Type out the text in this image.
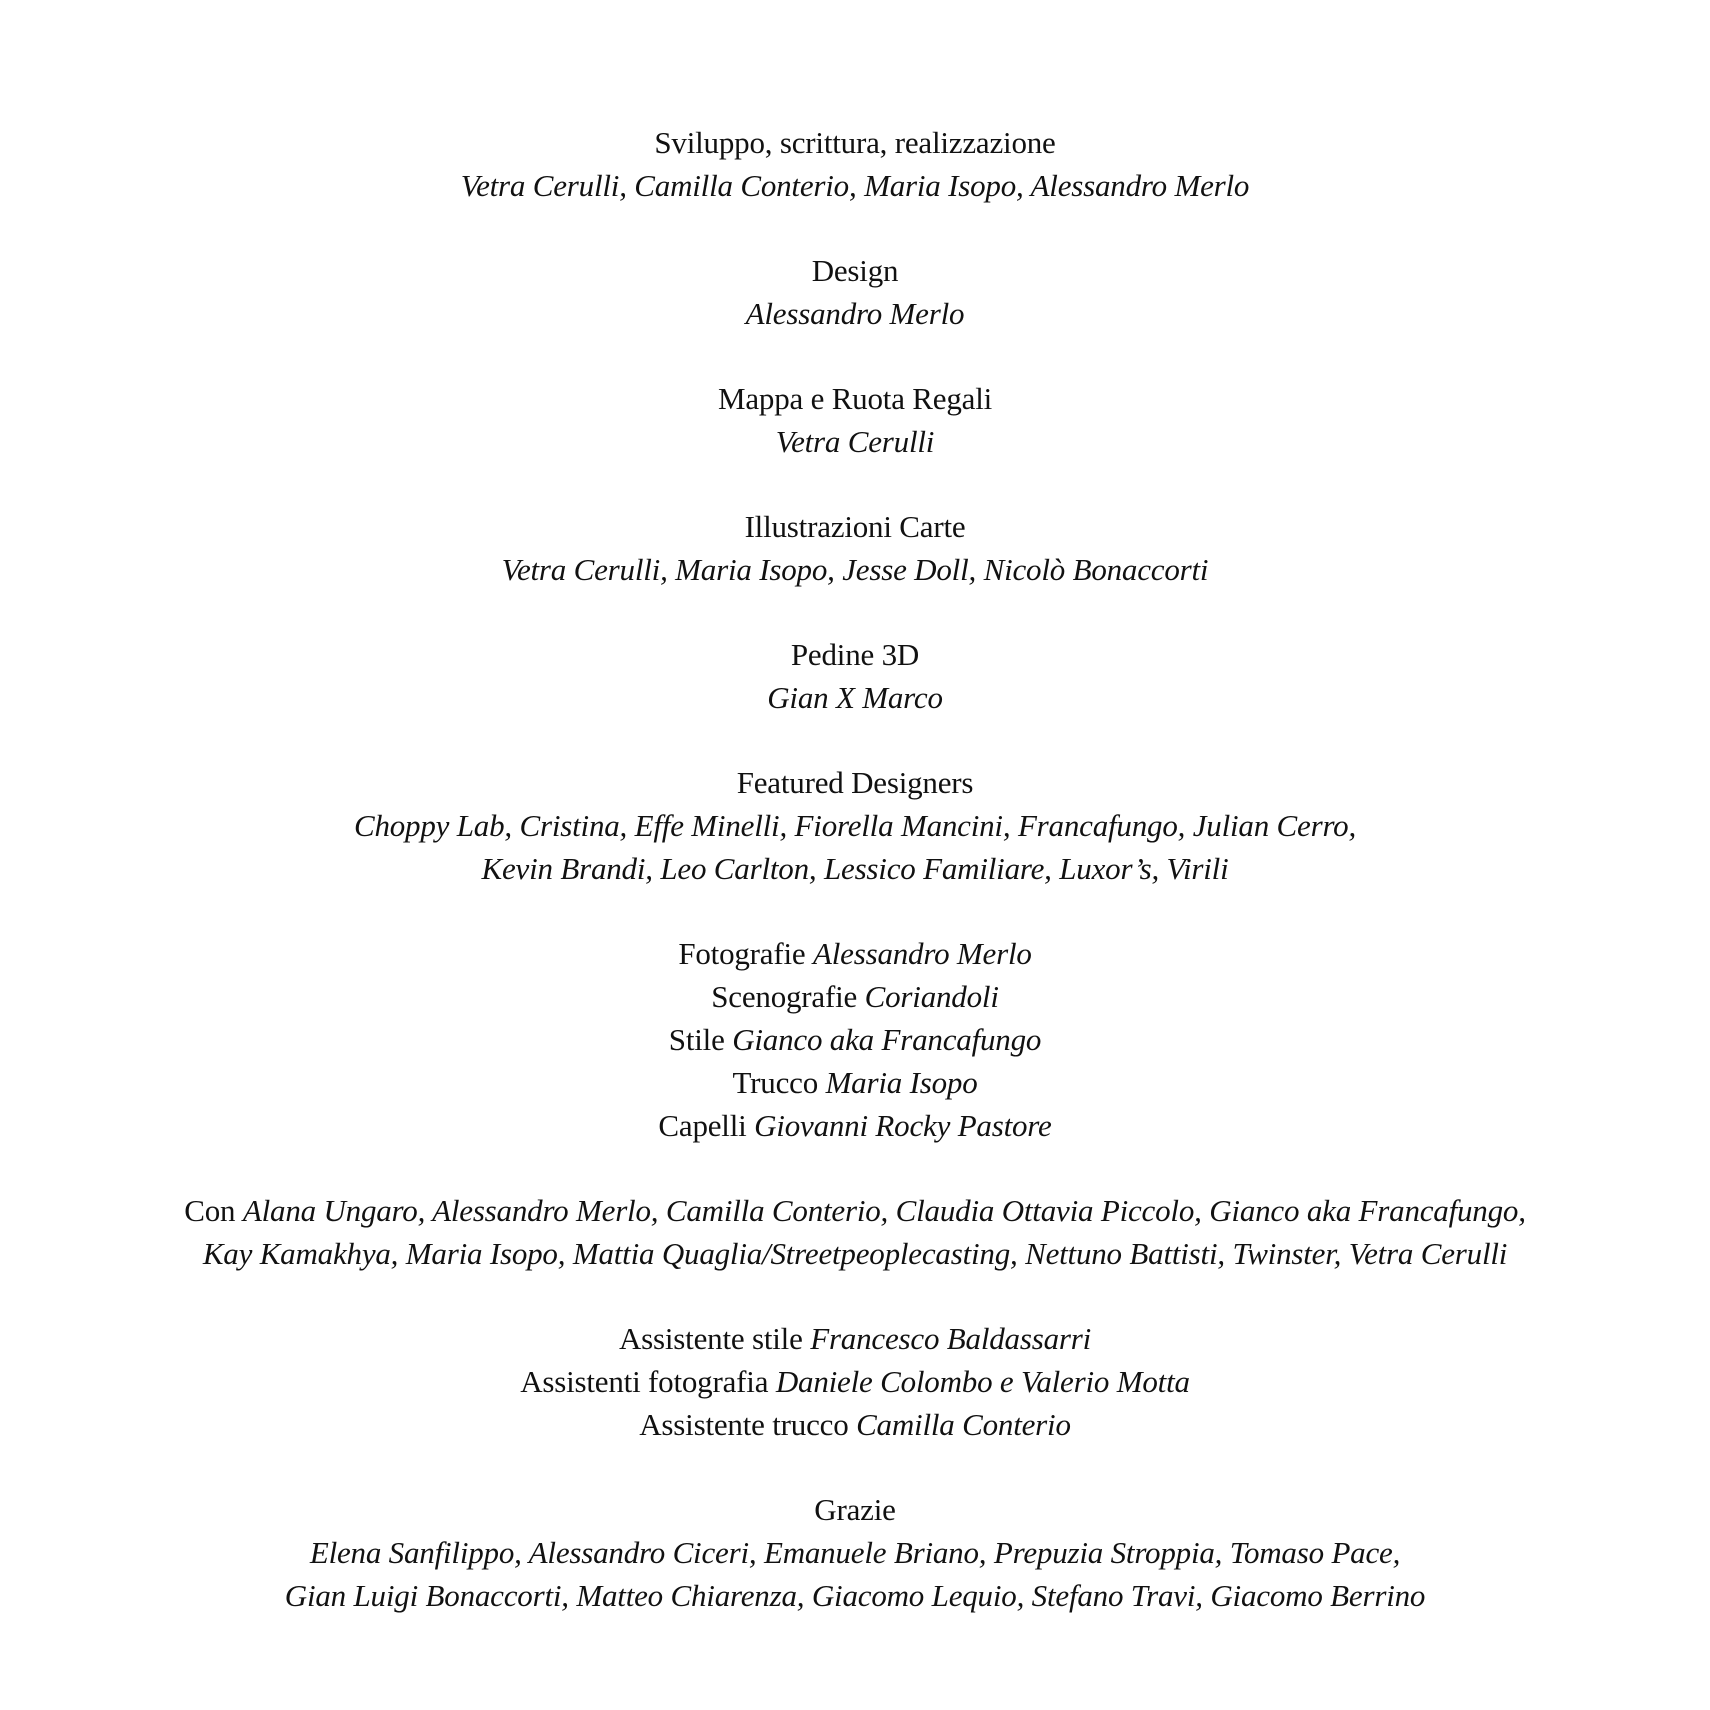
Sviluppo, scrittura, realizzazione
Vetra Cerulli, Camilla Conterio, Maria Isopo, Alessandro Merlo
Design
Alessandro Merlo
Mappa e Ruota Regali
Vetra Cerulli
Illustrazioni Carte
Vetra Cerulli, Maria Isopo, Jesse Doll, Nicolò Bonaccorti
Pedine 3D
Gian X Marco
Featured Designers
Choppy Lab, Cristina, Effe Minelli, Fiorella Mancini, Francafungo, Julian Cerro,
Kevin Brandi, Leo Carlton, Lessico Familiare, Luxor’s, Virili
Fotografie Alessandro Merlo
Scenografie Coriandoli
Stile Gianco aka Francafungo
Trucco Maria Isopo
Capelli Giovanni Rocky Pastore
Con Alana Ungaro, Alessandro Merlo, Camilla Conterio, Claudia Ottavia Piccolo, Gianco aka Francafungo,
Kay Kamakhya, Maria Isopo, Mattia Quaglia/Streetpeoplecasting, Nettuno Battisti, Twinster, Vetra Cerulli
Assistente stile Francesco Baldassarri
Assistenti fotografia Daniele Colombo e Valerio Motta
Assistente trucco Camilla Conterio
Grazie
Elena Sanfilippo, Alessandro Ciceri, Emanuele Briano, Prepuzia Stroppia, Tomaso Pace,
Gian Luigi Bonaccorti, Matteo Chiarenza, Giacomo Lequio, Stefano Travi, Giacomo Berrino
